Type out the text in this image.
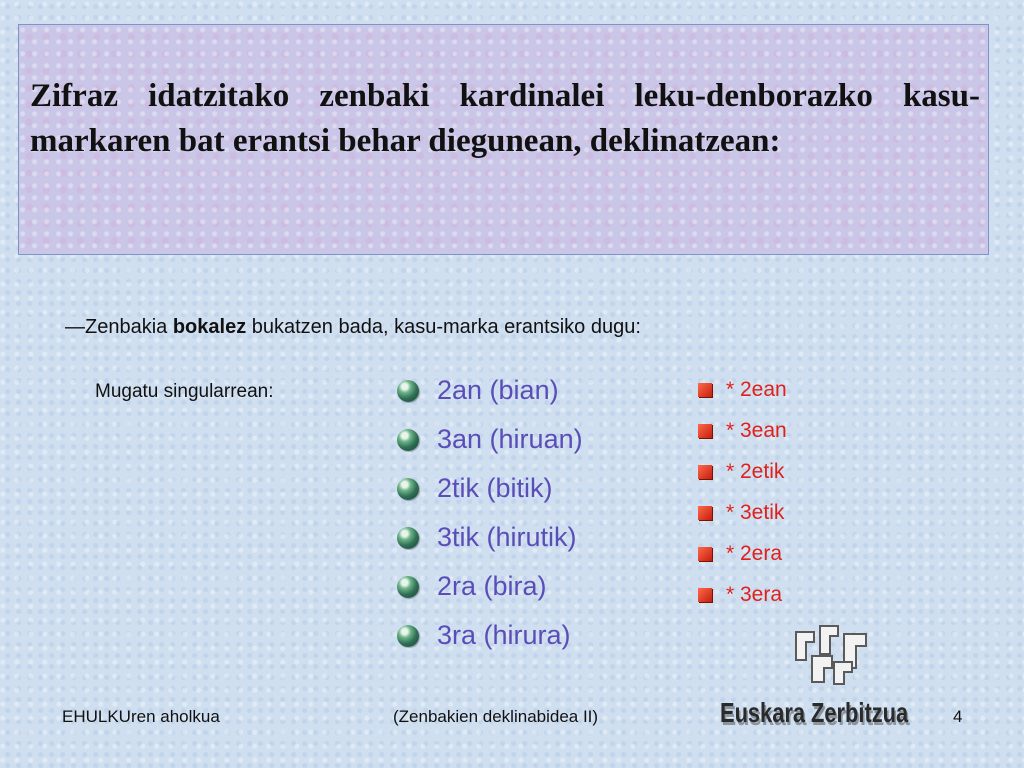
Zifraz idatzitako zenbaki kardinalei leku-denborazko kasu-markaren bat erantsi behar diegunean, deklinatzean:

—Zenbakia bokalez bukatzen bada, kasu-marka erantsiko dugu:
Mugatu singularrean:	2an (bian)
3an (hiruan)
2tik (bitik)
3tik (hirutik)
2ra (bira)
3ra (hirura)
* 2ean
* 3ean
* 2etik
* 3etik
* 2era
* 3era
EHULKUren aholkua	(Zenbakien deklinabidea II)	Euskara Zerbitzua	4
